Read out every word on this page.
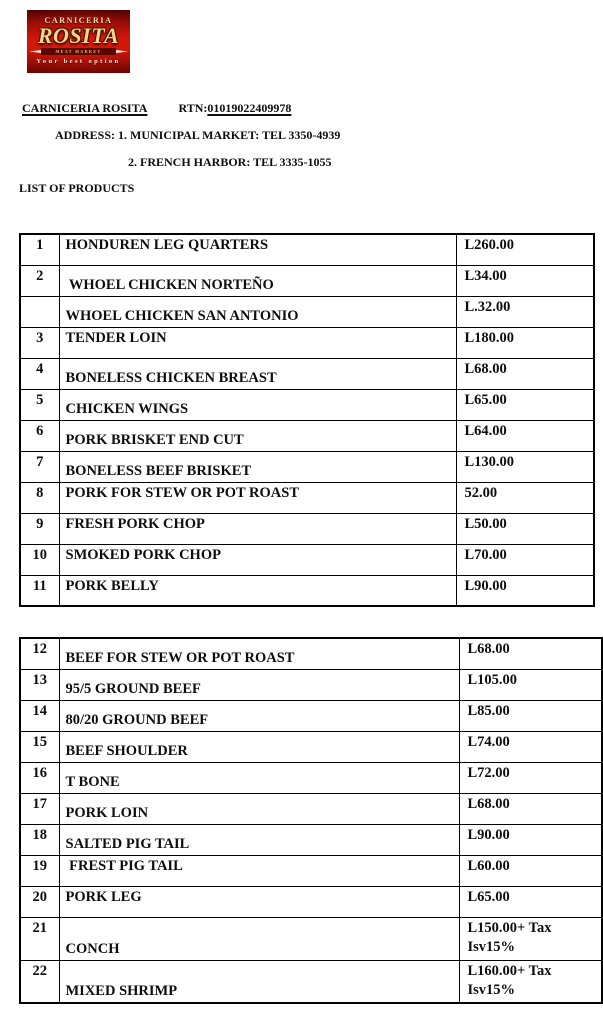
CARNICERIA
ROSITA
MEAT MARKET
Your best option
CARNICERIA ROSITA	RTN:01019022409978
ADDRESS: 1. MUNICIPAL MARKET: TEL 3350-4939
2. FRENCH HARBOR: TEL 3335-1055
LIST OF PRODUCTS
1	HONDUREN LEG QUARTERS	L260.00

2	WHOEL CHICKEN NORTEÑO	L34.00

	WHOEL CHICKEN SAN ANTONIO	L.32.00

3	TENDER LOIN	L180.00

4	BONELESS CHICKEN BREAST	L68.00

5	CHICKEN WINGS	L65.00

6	PORK BRISKET END CUT	L64.00

7	BONELESS BEEF BRISKET	L130.00

8	PORK FOR STEW OR POT ROAST	52.00

9	FRESH PORK CHOP	L50.00

10	SMOKED PORK CHOP	L70.00

11	PORK BELLY	L90.00
12	BEEF FOR STEW OR POT ROAST	L68.00

13	95/5 GROUND BEEF	L105.00

14	80/20 GROUND BEEF	L85.00

15	BEEF SHOULDER	L74.00

16	T BONE	L72.00

17	PORK LOIN	L68.00

18	SALTED PIG TAIL	L90.00

19	FREST PIG TAIL	L60.00

20	PORK LEG	L65.00

21	CONCH	L150.00+ Tax
Isv15%

22	MIXED SHRIMP	L160.00+ Tax
Isv15%
